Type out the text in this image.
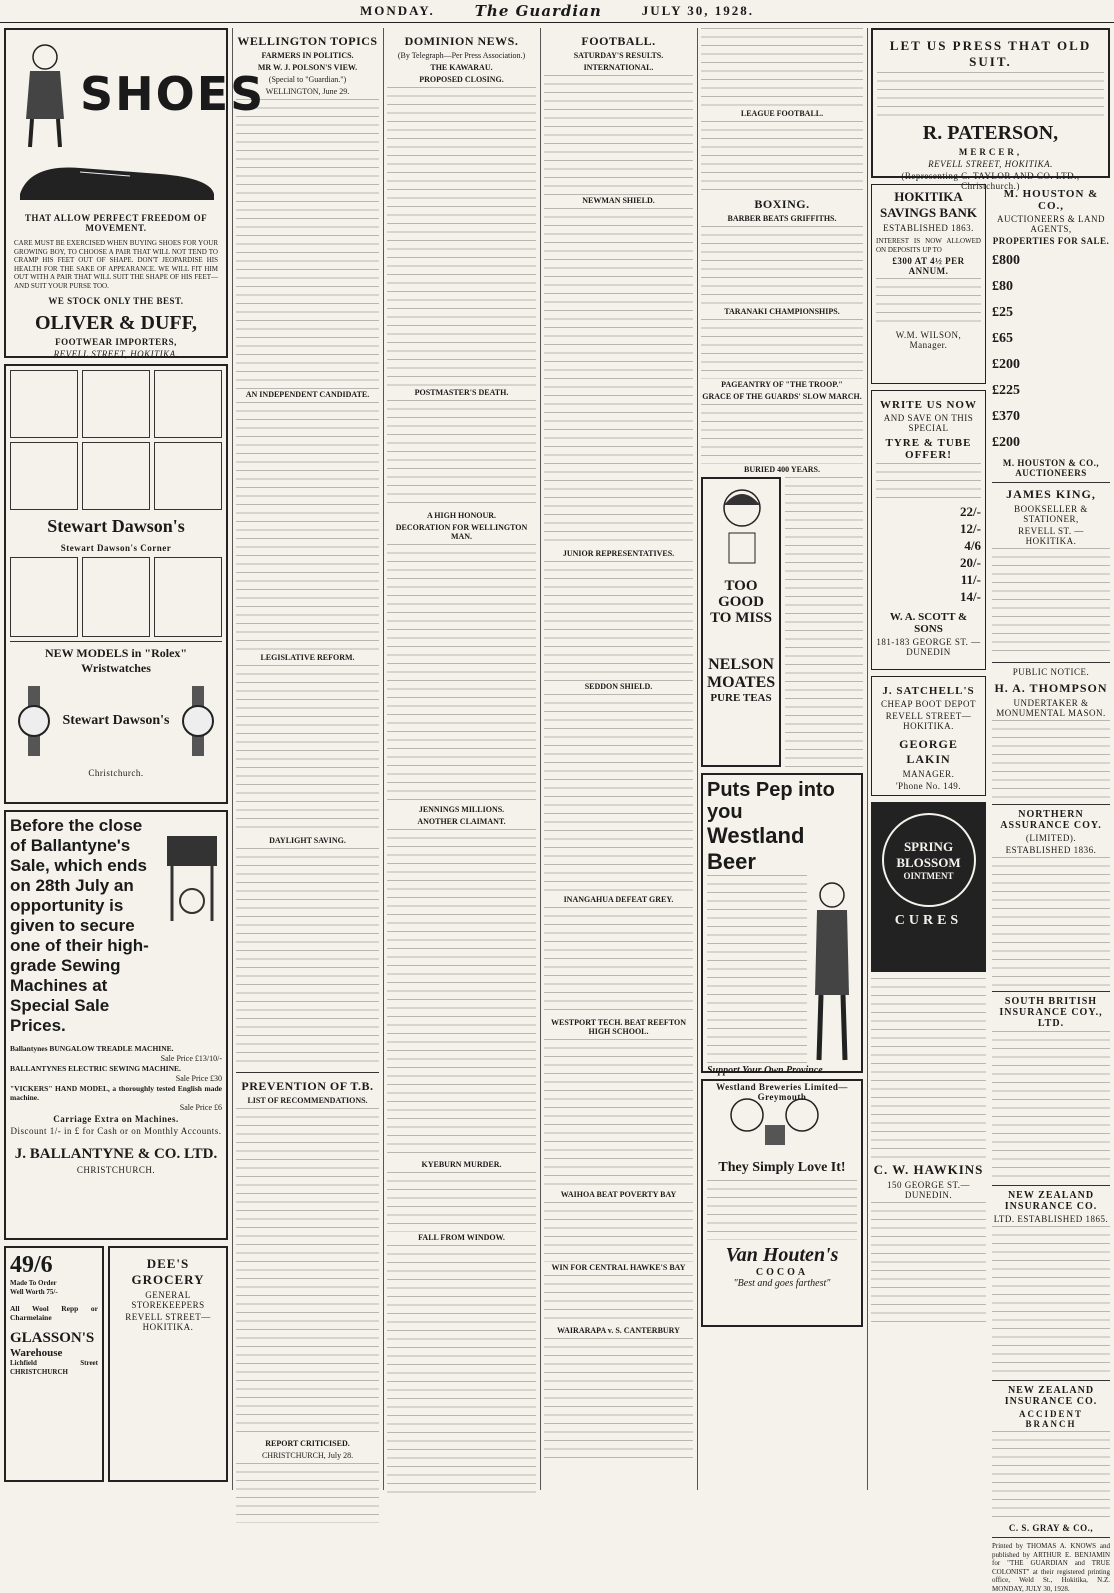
MONDAY.	The Guardian	JULY 30, 1928.
SHOES
THAT ALLOW PERFECT FREEDOM OF MOVEMENT.
CARE MUST BE EXERCISED WHEN BUYING SHOES FOR YOUR GROWING BOY, TO CHOOSE A PAIR THAT WILL NOT TEND TO CRAMP HIS FEET OUT OF SHAPE. DON'T JEOPARDISE HIS HEALTH FOR THE SAKE OF APPEARANCE. WE WILL FIT HIM OUT WITH A PAIR THAT WILL SUIT THE SHAPE OF HIS FEET—AND SUIT YOUR PURSE TOO.
WE STOCK ONLY THE BEST.
OLIVER & DUFF,
FOOTWEAR IMPORTERS,
REVELL STREET, HOKITIKA.
Stewart Dawson's
Stewart Dawson's Corner
NEW MODELS in "Rolex" Wristwatches
Stewart Dawson's
Christchurch.
Before the close of Ballantyne's Sale, which ends on 28th July an opportunity is given to secure one of their high-grade Sewing Machines at Special Sale Prices.
Ballantynes BUNGALOW TREADLE MACHINE.
Sale Price £13/10/-
BALLANTYNES ELECTRIC SEWING MACHINE.
Sale Price £30
"VICKERS" HAND MODEL, a thoroughly tested English made machine.
Sale Price £6
Carriage Extra on Machines.
Discount 1/- in £ for Cash or on Monthly Accounts.
J. BALLANTYNE & CO. LTD.
CHRISTCHURCH.
49/6
Made To Order
Well Worth 75/-
All Wool Repp or Charmelaine
GLASSON'S
Warehouse
Lichfield Street CHRISTCHURCH
DEE'S GROCERY
GENERAL STOREKEEPERS
REVELL STREET—HOKITIKA.

WELLINGTON TOPICS
FARMERS IN POLITICS.
MR W. J. POLSON'S VIEW.
(Special to "Guardian.")
WELLINGTON, June 29.
AN INDEPENDENT CANDIDATE.
LEGISLATIVE REFORM.
DAYLIGHT SAVING.
PREVENTION OF T.B.
LIST OF RECOMMENDATIONS.
REPORT CRITICISED.
CHRISTCHURCH, July 28.
DOMINION NEWS.
(By Telegraph—Per Press Association.)
THE KAWARAU.
PROPOSED CLOSING.
POSTMASTER'S DEATH.
A HIGH HONOUR.
DECORATION FOR WELLINGTON MAN.
JENNINGS MILLIONS.
ANOTHER CLAIMANT.
KYEBURN MURDER.
FALL FROM WINDOW.
FOOTBALL.
SATURDAY'S RESULTS.
INTERNATIONAL.
NEWMAN SHIELD.
JUNIOR REPRESENTATIVES.
SEDDON SHIELD.
INANGAHUA DEFEAT GREY.
WESTPORT TECH. BEAT REEFTON HIGH SCHOOL.
WAIHOA BEAT POVERTY BAY
WIN FOR CENTRAL HAWKE'S BAY
WAIRARAPA v. S. CANTERBURY
LEAGUE FOOTBALL.
BOXING.
BARBER BEATS GRIFFITHS.
TARANAKI CHAMPIONSHIPS.
PAGEANTRY OF "THE TROOP."
GRACE OF THE GUARDS' SLOW MARCH.
BURIED 400 YEARS.
TOO GOOD TO MISS
NELSON MOATES
PURE TEAS
Puts Pep into you
Westland Beer
Support Your Own Province
Westland Breweries Limited—Greymouth
They Simply Love It!
Van Houten's
COCOA
"Best and goes farthest"
LET US PRESS THAT OLD SUIT.
R. PATERSON,
MERCER,
REVELL STREET, HOKITIKA.
(Representing C. TAYLOR AND CO. LTD., Christchurch.)
HOKITIKA SAVINGS BANK
ESTABLISHED 1863.
INTEREST IS NOW ALLOWED ON DEPOSITS UP TO
£300 AT 4½ PER ANNUM.
W.M. WILSON, Manager.
WRITE US NOW
AND SAVE ON THIS SPECIAL
TYRE & TUBE OFFER!
22/-
12/-
4/6
20/-
11/-
14/-
W. A. SCOTT & SONS
181-183 GEORGE ST. — DUNEDIN
J. SATCHELL'S
CHEAP BOOT DEPOT
REVELL STREET—HOKITIKA.
GEORGE LAKIN
MANAGER.
'Phone No. 149.
SPRING
BLOSSOM
OINTMENT
CURES
C. W. HAWKINS
150 GEORGE ST.—DUNEDIN.
M. HOUSTON & CO.,
AUCTIONEERS & LAND AGENTS,
PROPERTIES FOR SALE.
£800
£80
£25
£65
£200
£225
£370
£200
M. HOUSTON & CO., AUCTIONEERS
JAMES KING,
BOOKSELLER & STATIONER,
REVELL ST. — HOKITIKA.
PUBLIC NOTICE.
H. A. THOMPSON
UNDERTAKER & MONUMENTAL MASON.
NORTHERN ASSURANCE COY.
(LIMITED).
ESTABLISHED 1836.
SOUTH BRITISH INSURANCE COY., LTD.
NEW ZEALAND INSURANCE CO.
LTD. ESTABLISHED 1865.
NEW ZEALAND INSURANCE CO.
ACCIDENT BRANCH
C. S. GRAY & CO.,
Printed by THOMAS A. KNOWS and published by ARTHUR E. BENJAMIN for "THE GUARDIAN and TRUE COLONIST" at their registered printing office, Weld St., Hokitika, N.Z. MONDAY, JULY 30, 1928.
